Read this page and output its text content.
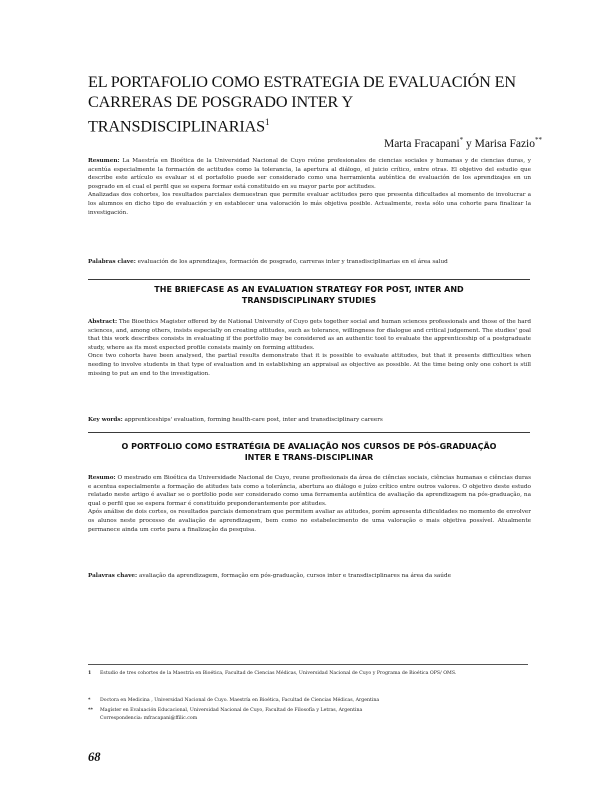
EL PORTAFOLIO COMO ESTRATEGIA DE EVALUACIÓN EN
CARRERAS DE POSGRADO INTER Y TRANSDISCIPLINARIAS$^1$
Marta Fracapani* y Marisa Fazio**

Resumen: La Maestría en Bioética de la Universidad Nacional de Cuyo reúne profesionales de ciencias sociales y humanas y de ciencias duras, y acentúa especialmente la formación de actitudes como la tolerancia, la apertura al diálogo, el juicio crítico, entre otras. El objetivo del estudio que describe este artículo es evaluar si el portafolio puede ser considerado como una herramienta auténtica de evaluación de los aprendizajes en un posgrado en el cual el perfil que se espera formar está constituido en su mayor parte por actitudes.

Analizadas dos cohortes, los resultados parciales demuestran que permite evaluar actitudes pero que presenta dificultades al momento de involucrar a los alumnos en dicho tipo de evaluación y en establecer una valoración lo más objetiva posible. Actualmente, resta sólo una cohorte para finalizar la investigación.

Palabras clave: evaluación de los aprendizajes, formación de posgrado, carreras inter y transdisciplinarias en el área salud

THE BRIEFCASE AS AN EVALUATION STRATEGY FOR POST, INTER AND
TRANSDISCIPLINARY STUDIES

Abstract: The Bioethics Magister offered by de National University of Cuyo gets together social and human sciences professionals and those of the hard sciences, and, among others, insists especially on creating attitudes, such as tolerance, willingness for dialogue and critical judgement. The studies' goal that this work describes consists in evaluating if the portfolio may be considered as an authentic tool to evaluate the apprenticeship of a postgraduate study, where as its most expected profile consists mainly on forming attitudes.

Once two cohorts have been analysed, the partial results demonstrate that it is possible to evaluate attitudes, but that it presents difficulties when needing to involve students in that type of evaluation and in establishing an appraisal as objective as possible. At the time being only one cohort is still missing to put an end to the investigation.

Key words: apprenticeships' evaluation, forming health-care post, inter and transdisciplinary careers

O PORTFOLIO COMO ESTRATÉGIA DE AVALIAÇÃO NOS CURSOS DE PÓS-GRADUAÇÃO
INTER E TRANS-DISCIPLINAR

Resumo: O mestrado em Bioética da Universidade Nacional de Cuyo, reune profissionais da área de ciências sociais, ciências humanas e ciências duras e acentua especialmente a formação de atitudes tais como a tolerância, abertura ao diálogo e juízo crítico entre outros valores. O objetivo deste estudo relatado neste artigo é avaliar se o portfolio pode ser considerado como uma ferramenta autêntica de avaliação da aprendizagem na pós-graduação, na qual o perfil que se espera formar é constituído preponderantemente por atitudes.

Após análise de dois cortes, os resultados parciais demonstram que permitem avaliar as atitudes, porém apresenta dificuldades no momento de envolver os alunos neste processo de avaliação de aprendizagem, bem como no estabelecimento de uma valoração o mais objetiva possível. Atualmente permanece ainda um corte para a finalização da pesquisa.

Palavras chave: avaliação da aprendizagem, formação em pós-graduação, cursos inter e transdisciplinares na área da saúde

1 Estudio de tres cohortes de la Maestría en Bioética, Facultad de Ciencias Médicas, Universidad Nacional de Cuyo y Programa de Bioética OPS/ OMS.
* Doctora en Medicina , Universidad Nacional de Cuyo. Maestría en Bioética, Facultad de Ciencias Médicas, Argentina
** Magíster en Evaluación Educacional, Universidad Nacional de Cuyo, Facultad de Filosofía y Letras, Argentina
Correspondencia: mfracapani@ffilic.com
68
